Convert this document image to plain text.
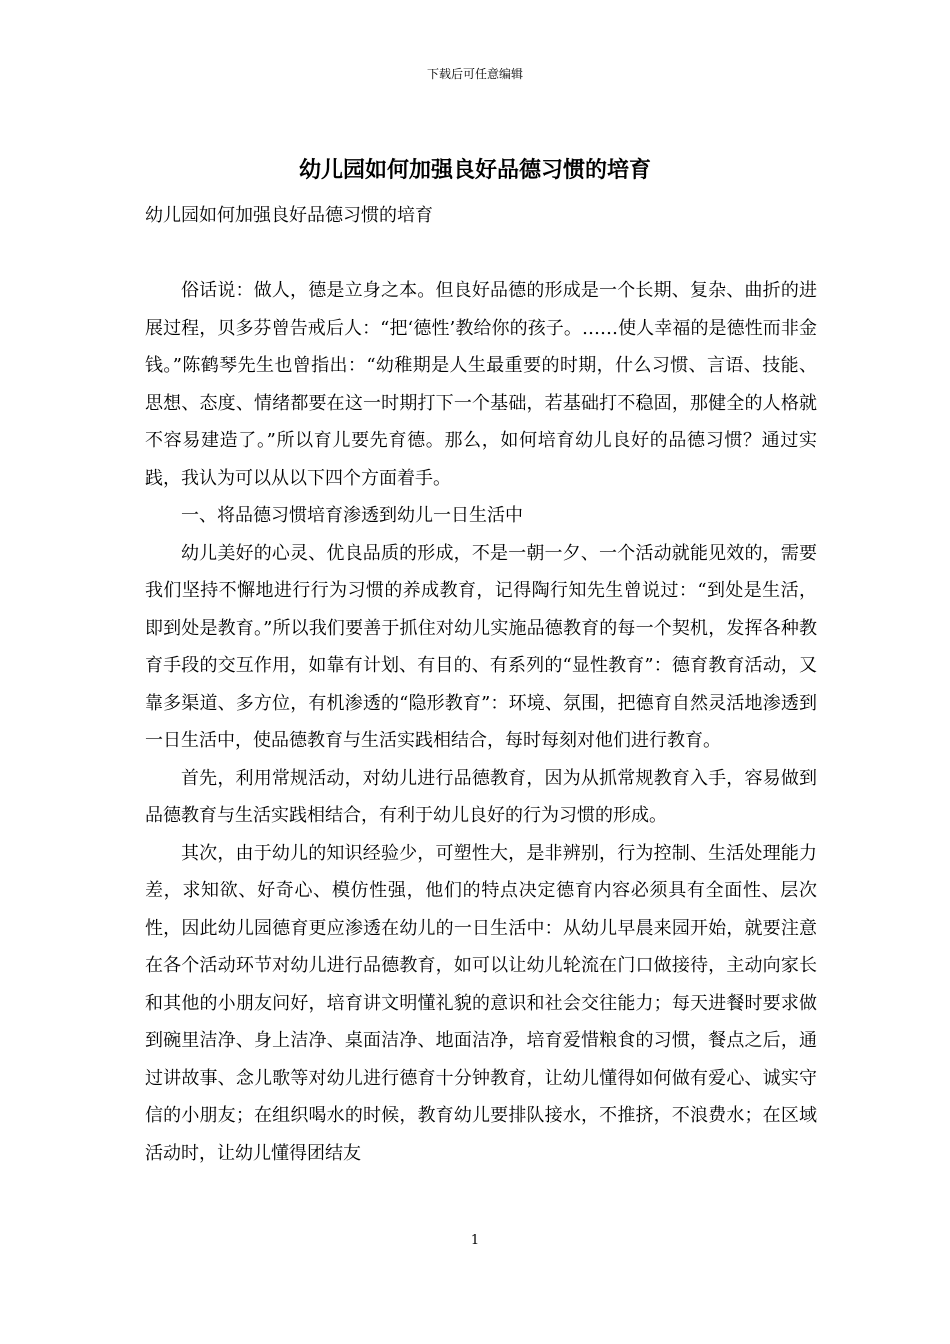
下载后可任意编辑
幼儿园如何加强良好品德习惯的培育

幼儿园如何加强良好品德习惯的培育

俗话说：做人，德是立身之本。但良好品德的形成是一个长期、复杂、曲折的进展过程，贝多芬曾告戒后人：“把‘德性’教给你的孩子。……使人幸福的是德性而非金钱。”陈鹤琴先生也曾指出：“幼稚期是人生最重要的时期，什么习惯、言语、技能、思想、态度、情绪都要在这一时期打下一个基础，若基础打不稳固，那健全的人格就不容易建造了。”所以育儿要先育德。那么，如何培育幼儿良好的品德习惯？通过实践，我认为可以从以下四个方面着手。

一、将品德习惯培育渗透到幼儿一日生活中

幼儿美好的心灵、优良品质的形成，不是一朝一夕、一个活动就能见效的，需要我们坚持不懈地进行行为习惯的养成教育，记得陶行知先生曾说过：“到处是生活，即到处是教育。”所以我们要善于抓住对幼儿实施品德教育的每一个契机，发挥各种教育手段的交互作用，如靠有计划、有目的、有系列的“显性教育”：德育教育活动，又靠多渠道、多方位，有机渗透的“隐形教育”：环境、氛围，把德育自然灵活地渗透到一日生活中，使品德教育与生活实践相结合，每时每刻对他们进行教育。

首先，利用常规活动，对幼儿进行品德教育，因为从抓常规教育入手，容易做到品德教育与生活实践相结合，有利于幼儿良好的行为习惯的形成。

其次，由于幼儿的知识经验少，可塑性大，是非辨别，行为控制、生活处理能力差，求知欲、好奇心、模仿性强，他们的特点决定德育内容必须具有全面性、层次性，因此幼儿园德育更应渗透在幼儿的一日生活中：从幼儿早晨来园开始，就要注意在各个活动环节对幼儿进行品德教育，如可以让幼儿轮流在门口做接待，主动向家长和其他的小朋友问好，培育讲文明懂礼貌的意识和社会交往能力；每天进餐时要求做到碗里洁净、身上洁净、桌面洁净、地面洁净，培育爱惜粮食的习惯，餐点之后，通过讲故事、念儿歌等对幼儿进行德育十分钟教育，让幼儿懂得如何做有爱心、诚实守信的小朋友；在组织喝水的时候，教育幼儿要排队接水，不推挤，不浪费水；在区域活动时，让幼儿懂得团结友

1
